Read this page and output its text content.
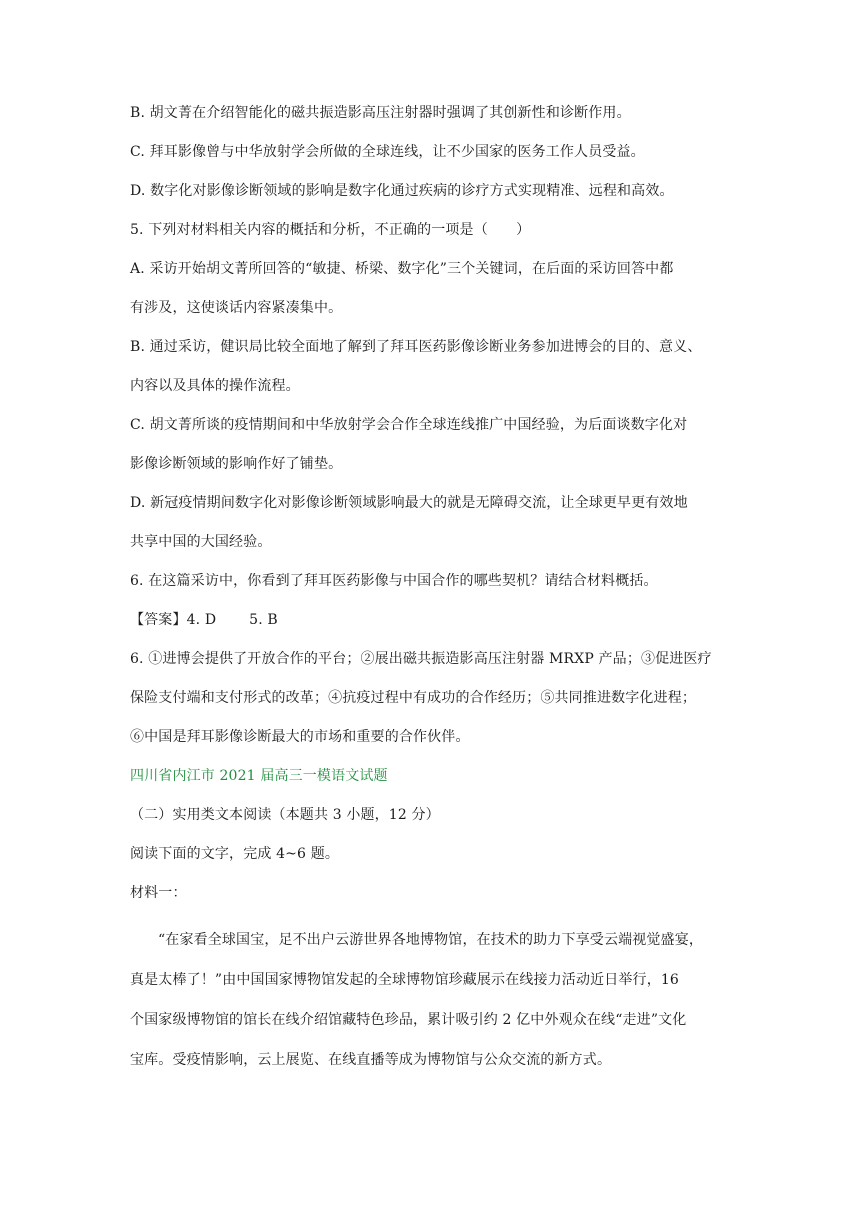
B. 胡文菁在介绍智能化的磁共振造影高压注射器时强调了其创新性和诊断作用。
C. 拜耳影像曾与中华放射学会所做的全球连线，让不少国家的医务工作人员受益。
D. 数字化对影像诊断领域的影响是数字化通过疾病的诊疗方式实现精准、远程和高效。
5. 下列对材料相关内容的概括和分析，不正确的一项是（　　）
A. 采访开始胡文菁所回答的“敏捷、桥梁、数字化”三个关键词，在后面的采访回答中都
有涉及，这使谈话内容紧凑集中。
B. 通过采访，健识局比较全面地了解到了拜耳医药影像诊断业务参加进博会的目的、意义、
内容以及具体的操作流程。
C. 胡文菁所谈的疫情期间和中华放射学会合作全球连线推广中国经验，为后面谈数字化对
影像诊断领域的影响作好了铺垫。
D. 新冠疫情期间数字化对影像诊断领域影响最大的就是无障碍交流，让全球更早更有效地
共享中国的大国经验。
6. 在这篇采访中，你看到了拜耳医药影像与中国合作的哪些契机？请结合材料概括。
【答案】4. D　　 5. B
6. ①进博会提供了开放合作的平台；②展出磁共振造影高压注射器 MRXP 产品；③促进医疗
保险支付端和支付形式的改革；④抗疫过程中有成功的合作经历；⑤共同推进数字化进程；
⑥中国是拜耳影像诊断最大的市场和重要的合作伙伴。
四川省内江市 2021 届高三一模语文试题
（二）实用类文本阅读（本题共 3 小题，12 分）
阅读下面的文字，完成 4~6 题。
材料一：
“在家看全球国宝，足不出户云游世界各地博物馆，在技术的助力下享受云端视觉盛宴，
真是太棒了！”由中国国家博物馆发起的全球博物馆珍藏展示在线接力活动近日举行，16
个国家级博物馆的馆长在线介绍馆藏特色珍品，累计吸引约 2 亿中外观众在线“走进”文化
宝库。受疫情影响，云上展览、在线直播等成为博物馆与公众交流的新方式。
